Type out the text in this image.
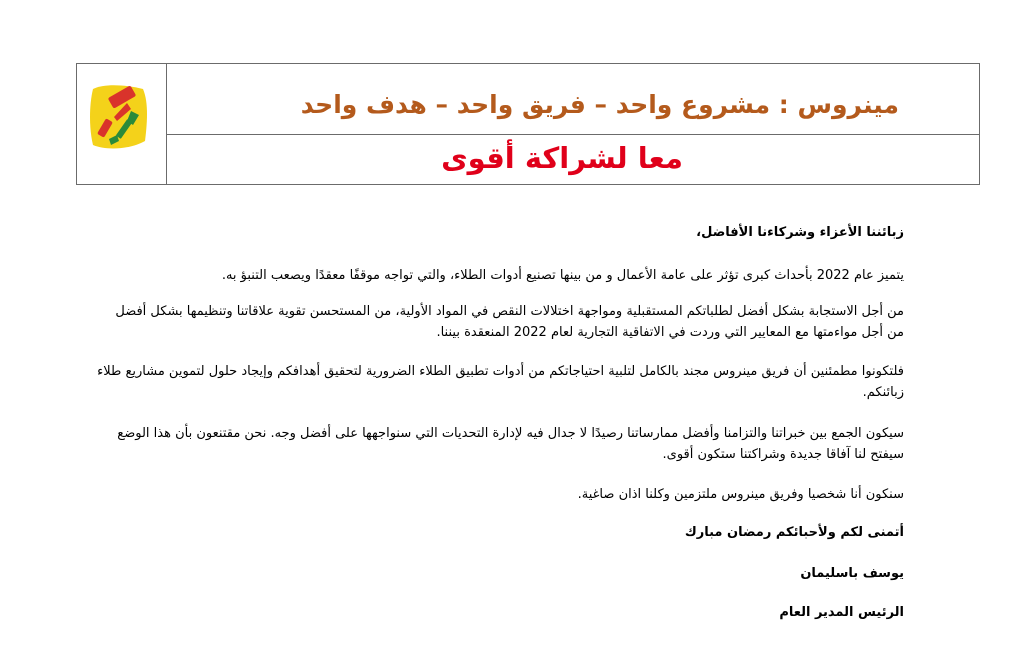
مينروس : مشروع واحد – فريق واحد – هدف واحد
معا لشراكة أقوى

زبائننا الأعزاء وشركاءنا الأفاضل،

يتميز عام 2022 بأحداث كبرى تؤثر على عامة الأعمال و من بينها تصنيع أدوات الطلاء، والتي تواجه موقفًا معقدًا ويصعب التنبؤ به.

من أجل الاستجابة بشكل أفضل لطلباتكم المستقبلية ومواجهة اختلالات النقص في المواد الأولية، من المستحسن تقوية علاقاتنا وتنظيمها بشكل أفضل من أجل مواءمتها مع المعايير التي وردت في الاتفاقية التجارية لعام 2022 المنعقدة بيننا.

فلتكونوا مطمئنين أن فريق مينروس مجند بالكامل لتلبية احتياجاتكم من أدوات تطبيق الطلاء الضرورية لتحقيق أهدافكم وإيجاد حلول لتموين مشاريع طلاء زبائنكم.

سيكون الجمع بين خبراتنا والتزامنا وأفضل ممارساتنا رصيدًا لا جدال فيه لإدارة التحديات التي سنواجهها على أفضل وجه. نحن مقتنعون بأن هذا الوضع سيفتح لنا آفاقا جديدة وشراكتنا ستكون أقوى.

سنكون أنا شخصيا وفريق مينروس ملتزمين وكلنا اذان صاغية.

أتمنى لكم ولأحبائكم رمضان مبارك

يوسف باسليمان

الرئيس المدير العام
